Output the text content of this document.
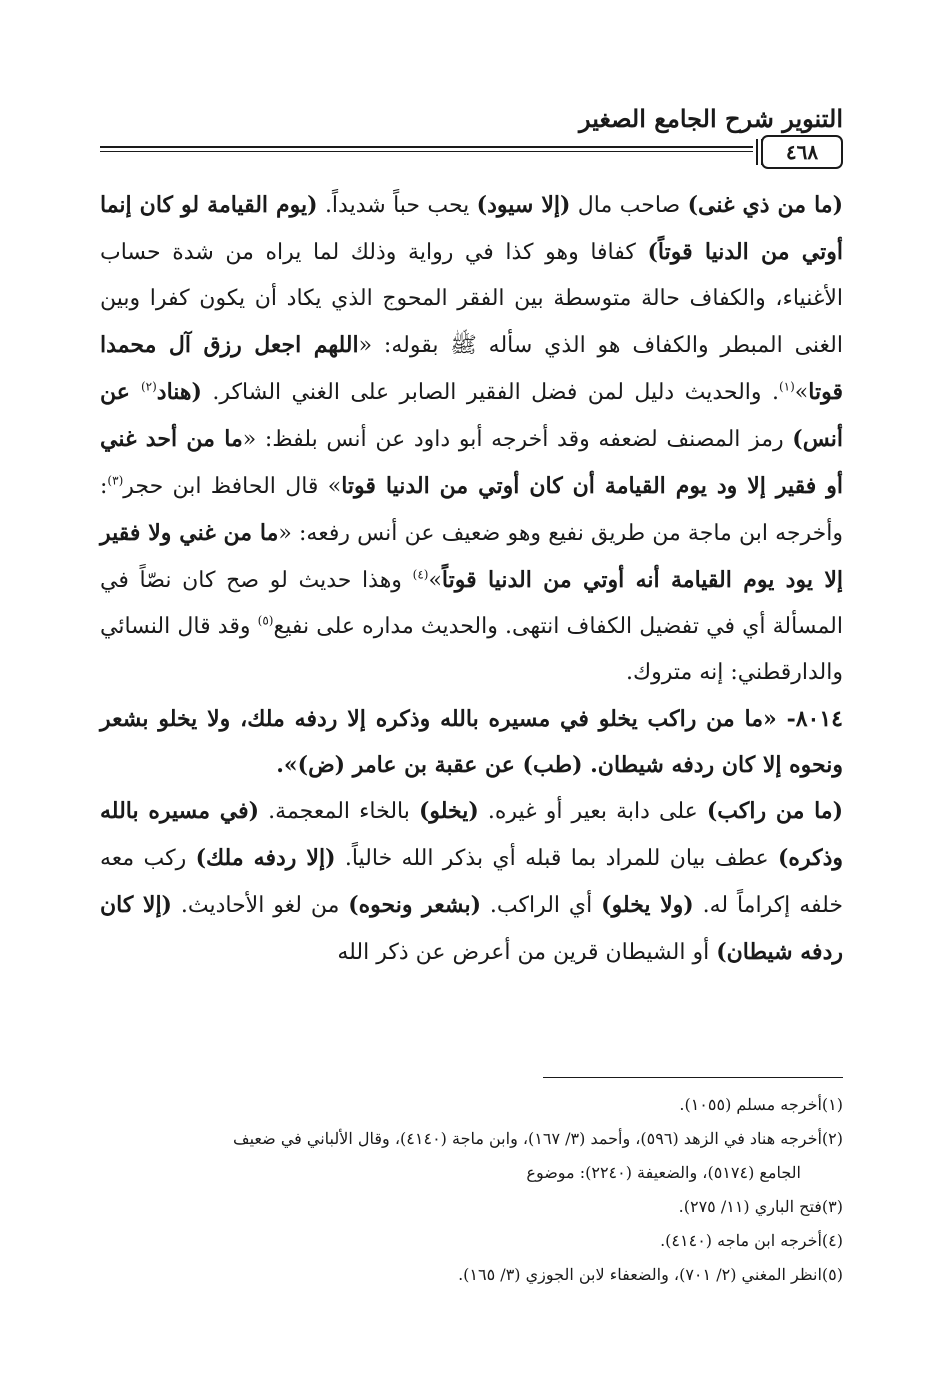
التنوير شرح الجامع الصغير
٤٦٨

(ما من ذي غنى) صاحب مال (إلا سيود) يحب حباً شديداً. (يوم القيامة لو كان إنما أوتي من الدنيا قوتاً) كفافا وهو كذا في رواية وذلك لما يراه من شدة حساب الأغنياء، والكفاف حالة متوسطة بين الفقر المحوج الذي يكاد أن يكون كفرا وبين الغنى المبطر والكفاف هو الذي سأله ﷺ بقوله: «اللهم اجعل رزق آل محمدا قوتا»$^{(١)}$. والحديث دليل لمن فضل الفقير الصابر على الغني الشاكر. (هناد$^{(٢)}$ عن أنس) رمز المصنف لضعفه وقد أخرجه أبو داود عن أنس بلفظ: «ما من أحد غني أو فقير إلا ود يوم القيامة أن كان أوتي من الدنيا قوتا» قال الحافظ ابن حجر$^{(٣)}$: وأخرجه ابن ماجة من طريق نفيع وهو ضعيف عن أنس رفعه: «ما من غني ولا فقير إلا يود يوم القيامة أنه أوتي من الدنيا قوتاً»$^{(٤)}$ وهذا حديث لو صح كان نصّاً في المسألة أي في تفضيل الكفاف انتهى. والحديث مداره على نفيع$^{(٥)}$ وقد قال النسائي والدارقطني: إنه متروك.

٨٠١٤- «ما من راكب يخلو في مسيره بالله وذكره إلا ردفه ملك، ولا يخلو بشعر ونحوه إلا كان ردفه شيطان. (طب) عن عقبة بن عامر (ض)».

(ما من راكب) على دابة بعير أو غيره. (يخلو) بالخاء المعجمة. (في مسيره بالله وذكره) عطف بيان للمراد بما قبله أي بذكر الله خالياً. (إلا ردفه ملك) ركب معه خلفه إكراماً له. (ولا يخلو) أي الراكب. (بشعر ونحوه) من لغو الأحاديث. (إلا كان ردفه شيطان) أو الشيطان قرين من أعرض عن ذكر الله

(١)أخرجه مسلم (١٠٥٥).
(٢)أخرجه هناد في الزهد (٥٩٦)، وأحمد (٣/ ١٦٧)، وابن ماجة (٤١٤٠)، وقال الألباني في ضعيف
الجامع (٥١٧٤)، والضعيفة (٢٢٤٠): موضوع
(٣)فتح الباري (١١/ ٢٧٥).
(٤)أخرجه ابن ماجه (٤١٤٠).
(٥)انظر المغني (٢/ ٧٠١)، والضعفاء لابن الجوزي (٣/ ١٦٥).
